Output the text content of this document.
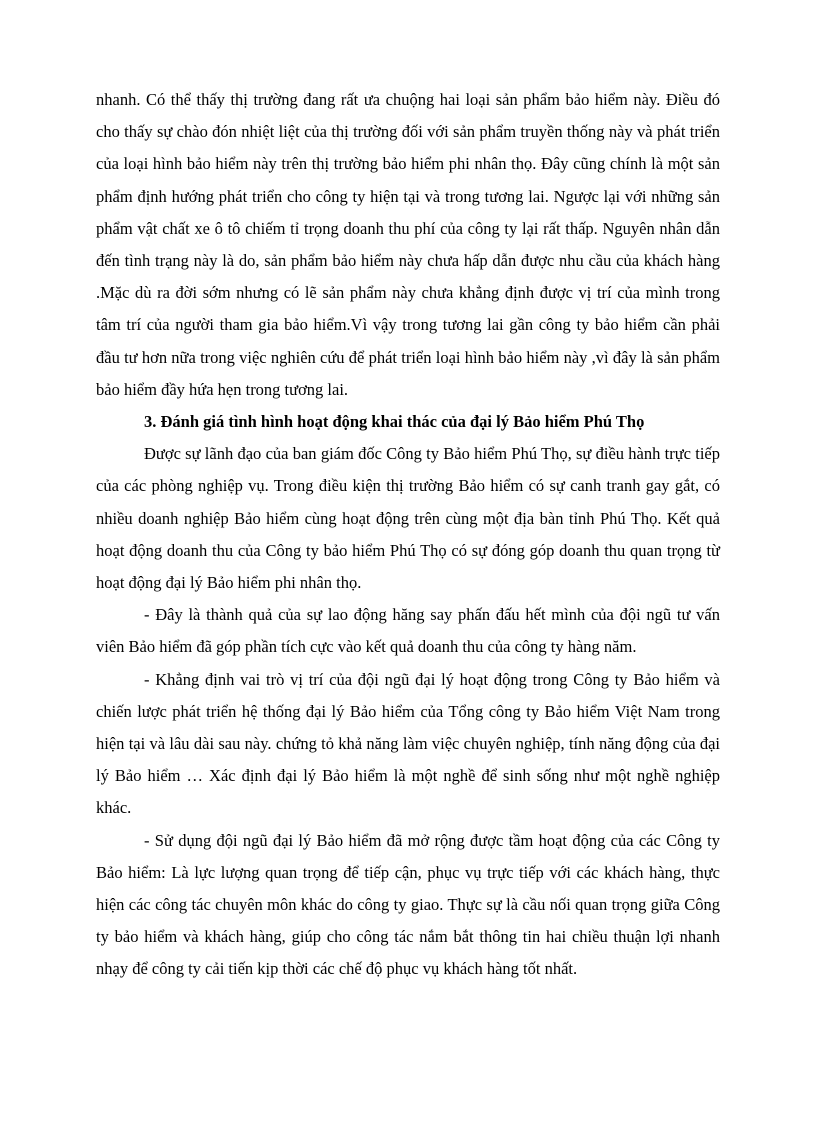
nhanh. Có thể thấy thị trường đang rất ưa chuộng hai loại sản phẩm bảo hiểm này. Điều đó cho thấy sự chào đón nhiệt liệt của thị trường đối với sản phẩm truyền thống này và phát triển của loại hình bảo hiểm này trên thị trường bảo hiểm phi nhân thọ. Đây cũng chính là một sản phẩm định hướng phát triển cho công ty hiện tại và trong tương lai. Ngược lại với những sản phẩm vật chất xe ô tô chiếm tỉ trọng doanh thu phí của công ty lại rất thấp. Nguyên nhân dẫn đến tình trạng này là do, sản phẩm bảo hiểm này chưa hấp dẫn được nhu cầu của khách hàng .Mặc dù ra đời sớm nhưng có lẽ sản phẩm này chưa khẳng định được vị trí của mình trong tâm trí của người tham gia bảo hiểm.Vì vậy trong tương lai gần công ty bảo hiểm cần phải đầu tư hơn nữa trong việc nghiên cứu để phát triển loại hình bảo hiểm này ,vì đây là sản phẩm bảo hiểm đầy hứa hẹn trong tương lai.

3. Đánh giá tình hình hoạt động khai thác của đại lý Bảo hiểm Phú Thọ

Được sự lãnh đạo của ban giám đốc Công ty Bảo hiểm Phú Thọ, sự điều hành trực tiếp của các phòng nghiệp vụ. Trong điều kiện thị trường Bảo hiểm có sự canh tranh gay gắt, có nhiều doanh nghiệp Bảo hiểm cùng hoạt động trên cùng một địa bàn tỉnh Phú Thọ. Kết quả hoạt động doanh thu của Công ty bảo hiểm Phú Thọ có sự đóng góp doanh thu quan trọng từ hoạt động đại lý Bảo hiểm phi nhân thọ.

- Đây là thành quả của sự lao động hăng say phấn đấu hết mình của đội ngũ tư vấn viên Bảo hiểm đã góp phần tích cực vào kết quả doanh thu của công ty hàng năm.

- Khẳng định vai trò vị trí của đội ngũ đại lý hoạt động trong Công ty Bảo hiểm và chiến lược phát triển hệ thống đại lý Bảo hiểm của Tổng công ty Bảo hiểm Việt Nam trong hiện tại và lâu dài sau này. chứng tỏ khả năng làm việc chuyên nghiệp, tính năng động của đại lý Bảo hiểm … Xác định đại lý Bảo hiểm là một nghề để sinh sống như một nghề nghiệp khác.

- Sử dụng đội ngũ đại lý Bảo hiểm đã mở rộng được tầm hoạt động của các Công ty Bảo hiểm: Là lực lượng quan trọng để tiếp cận, phục vụ trực tiếp với các khách hàng, thực hiện các công tác chuyên môn khác do công ty giao. Thực sự là cầu nối quan trọng giữa Công ty bảo hiểm và khách hàng, giúp cho công tác nắm bắt thông tin hai chiều thuận lợi nhanh nhạy để công ty cải tiến kịp thời các chế độ phục vụ khách hàng tốt nhất.
